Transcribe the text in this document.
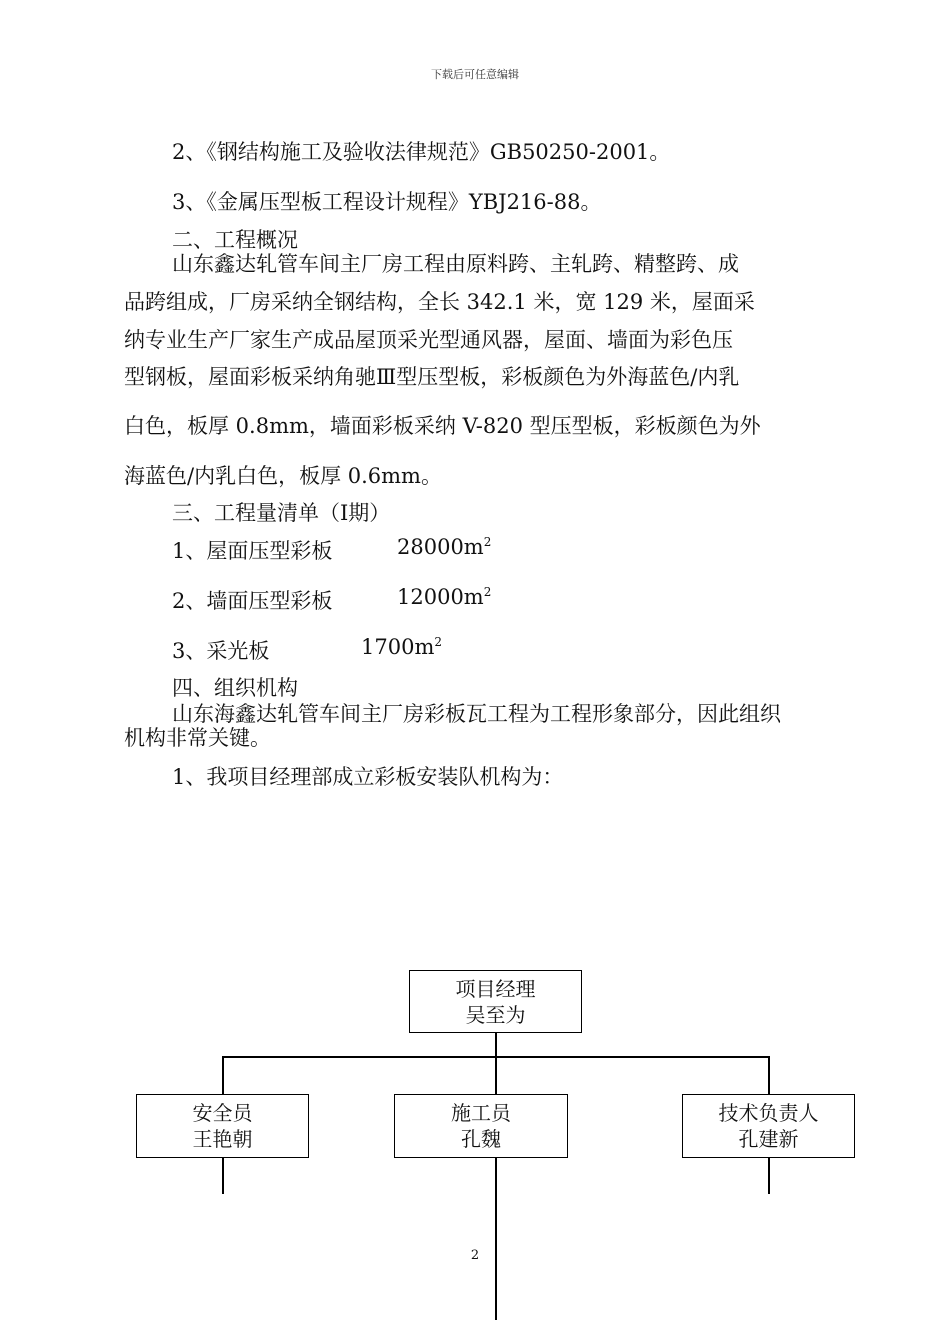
下载后可任意编辑
2、《钢结构施工及验收法律规范》GB50250-2001。
3、《金属压型板工程设计规程》YBJ216-88。
二、工程概况
山东鑫达轧管车间主厂房工程由原料跨、主轧跨、精整跨、成
品跨组成，厂房采纳全钢结构，全长 342.1 米，宽 129 米，屋面采
纳专业生产厂家生产成品屋顶采光型通风器，屋面、墙面为彩色压
型钢板，屋面彩板采纳角驰Ⅲ型压型板，彩板颜色为外海蓝色/内乳
白色，板厚 0.8mm，墙面彩板采纳 V-820 型压型板，彩板颜色为外
海蓝色/内乳白色，板厚 0.6mm。
三、工程量清单（Ⅰ期）
1、屋面压型彩板	$28000m^2$
2、墙面压型彩板	$12000m^2$
3、采光板	$1700m^2$
四、组织机构
山东海鑫达轧管车间主厂房彩板瓦工程为工程形象部分，因此组织
机构非常关键。
1、我项目经理部成立彩板安装队机构为：
项目经理
吴至为
安全员
王艳朝
施工员
孔魏
技术负责人
孔建新
2
